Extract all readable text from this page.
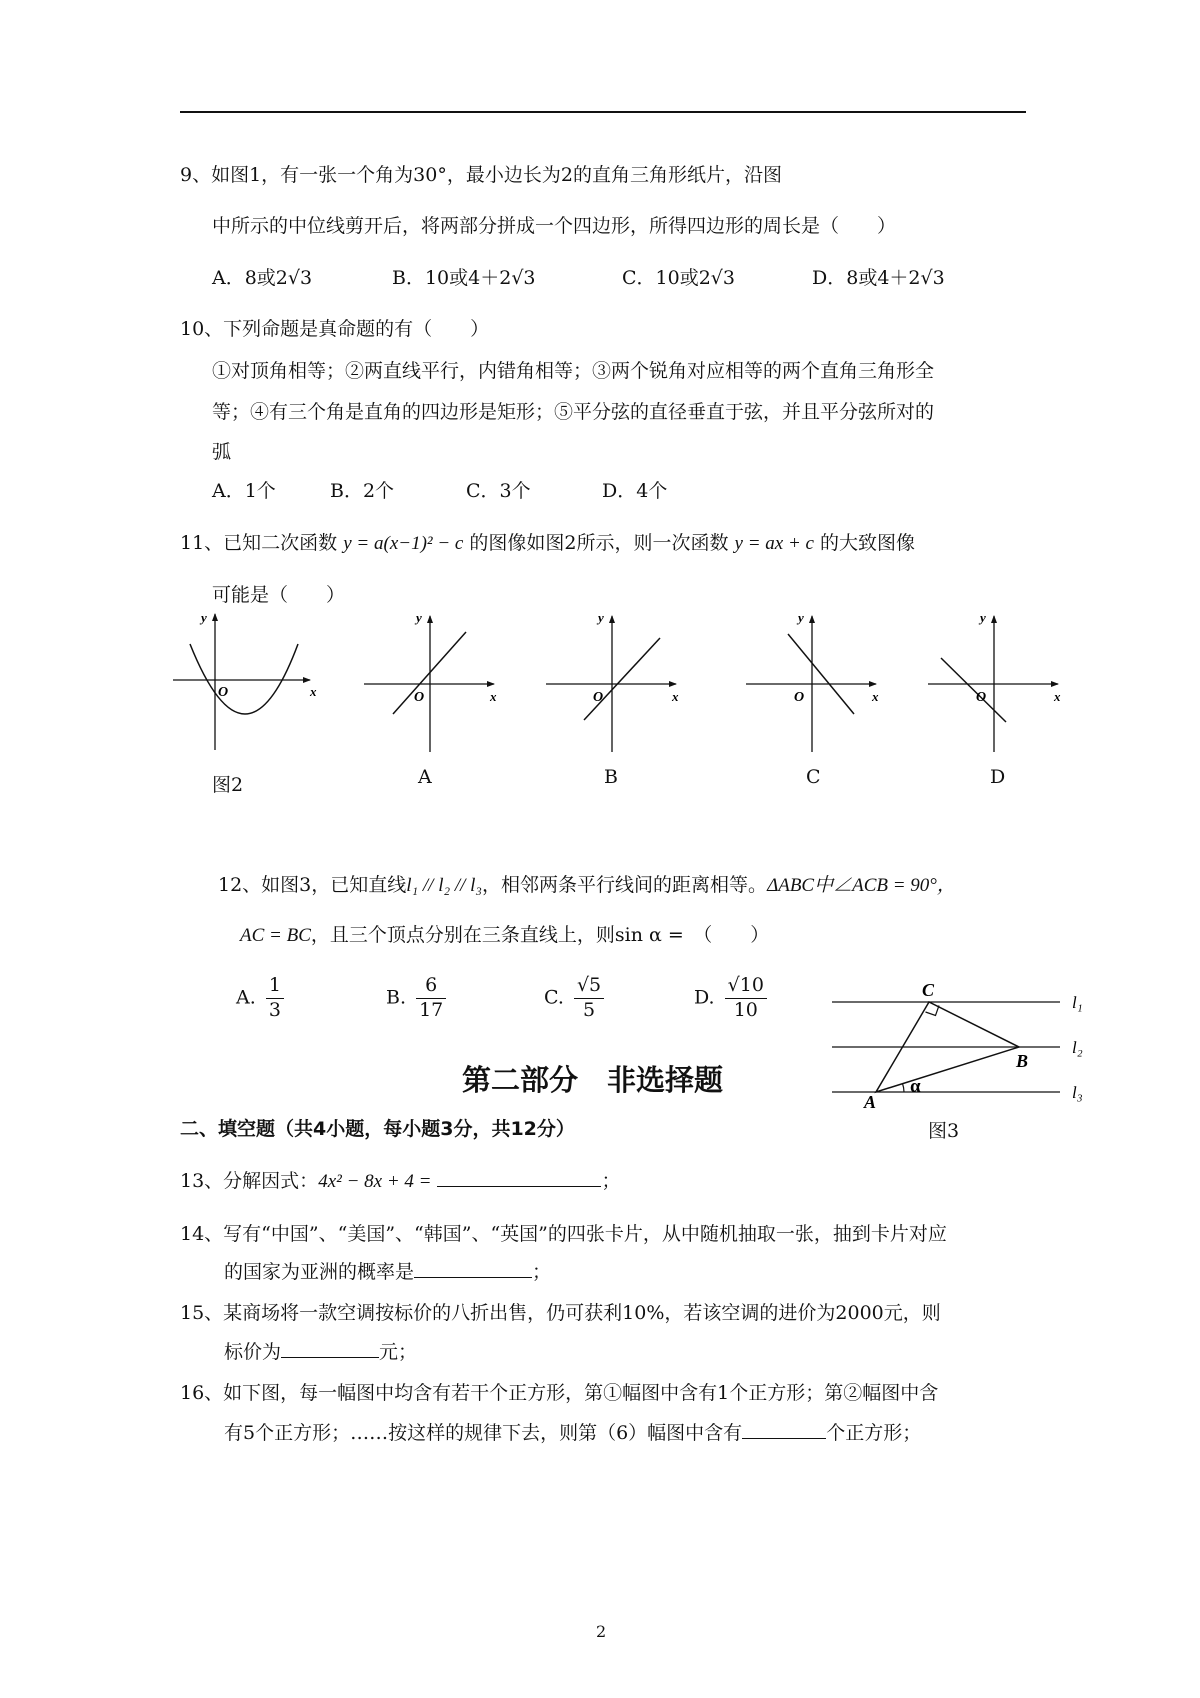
9、如图1，有一张一个角为30°，最小边长为2的直角三角形纸片，沿图
中所示的中位线剪开后，将两部分拼成一个四边形，所得四边形的周长是（　　）
A．8或2√3	B．10或4＋2√3	C．10或2√3	D．8或4＋2√3
10、下列命题是真命题的有（　　）
①对顶角相等；②两直线平行，内错角相等；③两个锐角对应相等的两个直角三角形全
等；④有三个角是直角的四边形是矩形；⑤平分弦的直径垂直于弦，并且平分弦所对的
弧
A．1个	B．2个	C．3个	D．4个
11、已知二次函数 y = a(x−1)² − c 的图像如图2所示，则一次函数 y = ax + c 的大致图像
可能是（　　）
y
O	x
y
O	x
y
O	x
y
O	x
y
O	x
图2	A	B	C	D
12、如图3，已知直线l₁ // l₂ // l₃，相邻两条平行线间的距离相等。ΔABC中∠ACB = 90°，
AC = BC，且三个顶点分别在三条直线上，则sin α =　（　　）
A. $\frac{1}{3}$	B. $\frac{6}{17}$	C. $\frac{√5}{5}$	D. $\frac{√10}{10}$	C
B
A
α
l₁
l₂
l₃
图3
第二部分　非选择题
二、填空题（共4小题，每小题3分，共12分）
13、分解因式：4x² − 8x + 4 =	；
14、写有“中国”、“美国”、“韩国”、“英国”的四张卡片，从中随机抽取一张，抽到卡片对应
的国家为亚洲的概率是	；
15、某商场将一款空调按标价的八折出售，仍可获利10%，若该空调的进价为2000元，则
标价为	元；
16、如下图，每一幅图中均含有若干个正方形，第①幅图中含有1个正方形；第②幅图中含
有5个正方形；……按这样的规律下去，则第（6）幅图中含有	个正方形；
2
